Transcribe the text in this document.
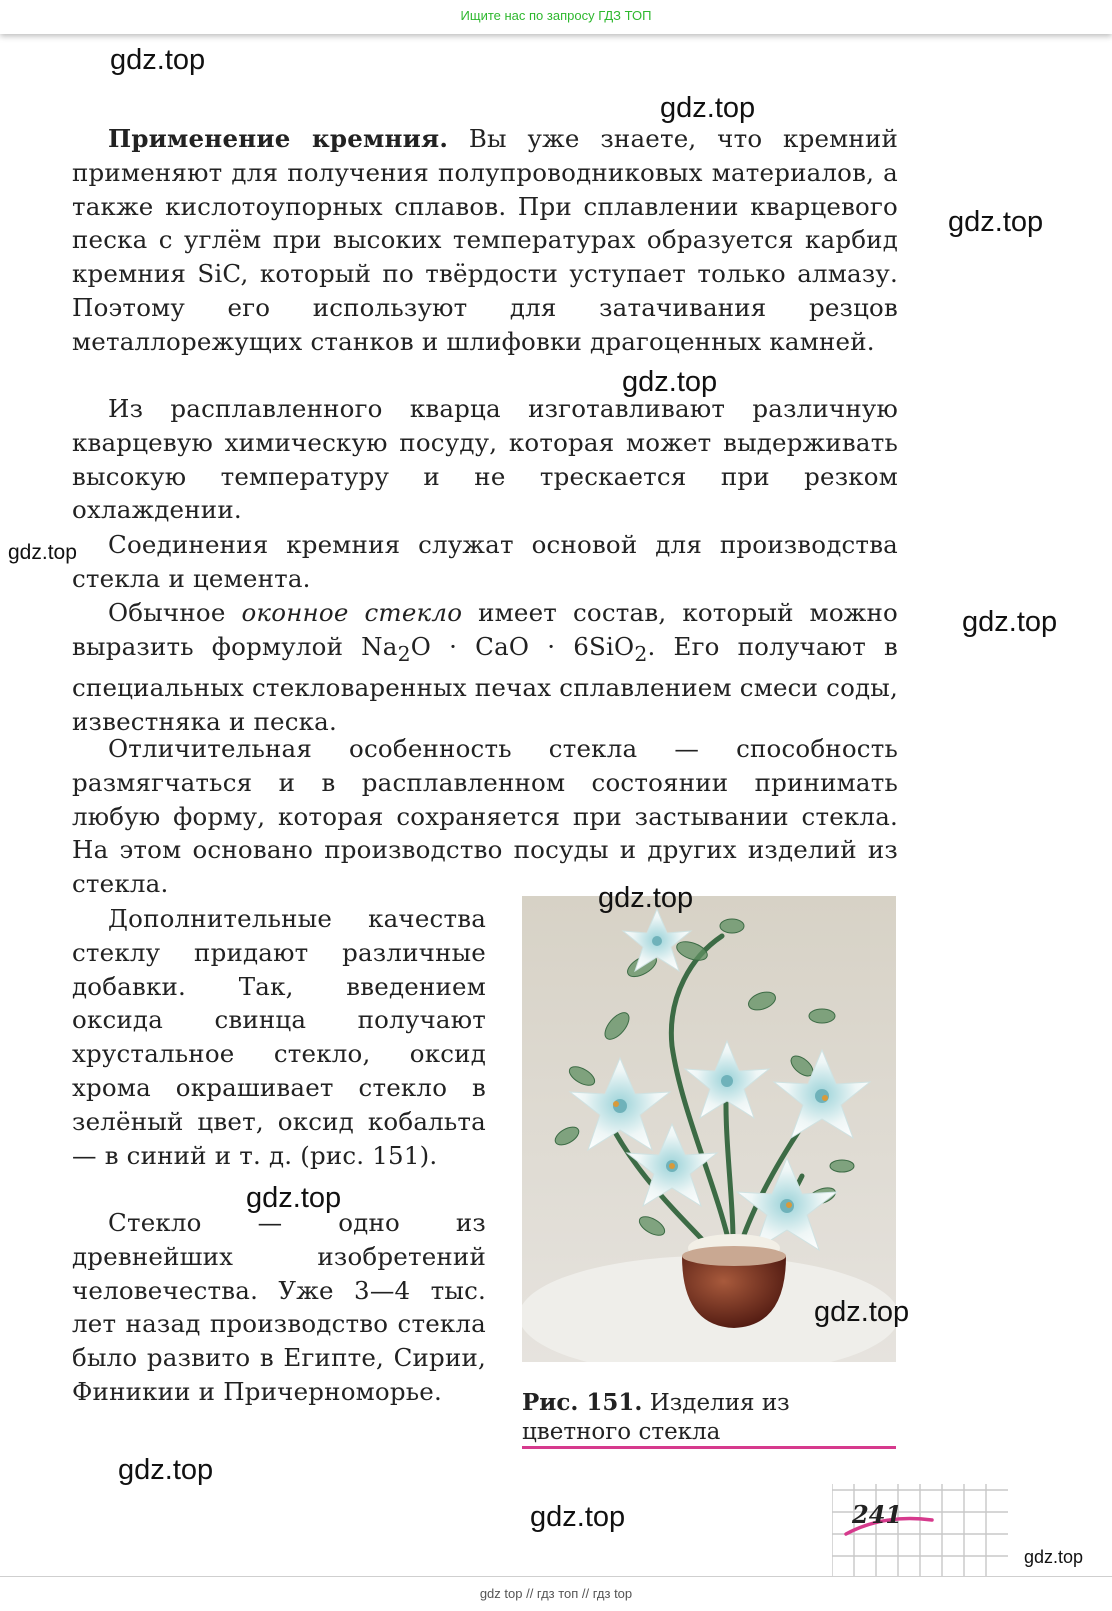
Ищите нас по запросу ГДЗ ТОП

Применение кремния. Вы уже знаете, что кремний применяют для получения полупроводниковых материалов, а также кислотоупорных сплавов. При сплавлении кварцевого песка с углём при высоких температурах образуется карбид кремния SiC, который по твёрдости уступает только алмазу. Поэтому его используют для затачивания резцов металлорежущих станков и шлифовки драгоценных камней.

Из расплавленного кварца изготавливают различную кварцевую химическую посуду, которая может выдерживать высокую температуру и не трескается при резком охлаждении.

Соединения кремния служат основой для производства стекла и цемента.

Обычное оконное стекло имеет состав, который можно выразить формулой $Na_2O$ · CaO · 6SiO$_2$. Его получают в специальных стекловаренных печах сплавлением смеси соды, известняка и песка.

Отличительная особенность стекла — способность размягчаться и в расплавленном состоянии принимать любую форму, которая сохраняется при застывании стекла. На этом основано производство посуды и других изделий из стекла.

Дополнительные качества стеклу придают различные добавки. Так, введением оксида свинца получают хрустальное стекло, оксид хрома окрашивает стекло в зелёный цвет, оксид кобальта — в синий и т. д. (рис. 151).

Стекло — одно из древнейших изобретений человечества. Уже 3—4 тыс. лет назад производство стекла было развито в Египте, Сирии, Финикии и Причерноморье.	Рис. 151. Изделия из цветного стекла

241
gdz.top
gdz.top
gdz.top
gdz.top
gdz.top
gdz.top
gdz.top
gdz.top
gdz.top
gdz.top
gdz.top
gdz.top
gdz top // гдз топ // гдз top
